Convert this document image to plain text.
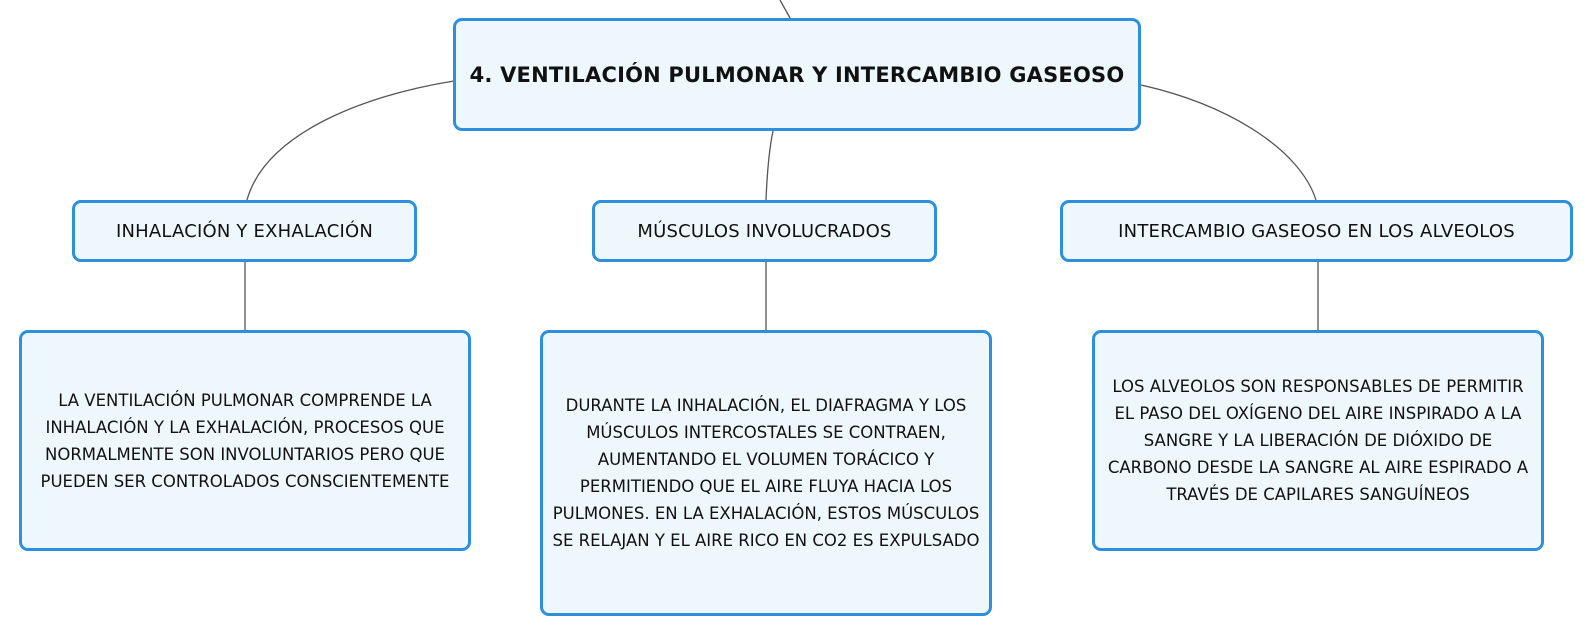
4. VENTILACIÓN PULMONAR Y INTERCAMBIO GASEOSO
INHALACIÓN Y EXHALACIÓN	MÚSCULOS INVOLUCRADOS	INTERCAMBIO GASEOSO EN LOS ALVEOLOS
LA VENTILACIÓN PULMONAR COMPRENDE LA INHALACIÓN Y LA EXHALACIÓN, PROCESOS QUE NORMALMENTE SON INVOLUNTARIOS PERO QUE PUEDEN SER CONTROLADOS CONSCIENTEMENTE
DURANTE LA INHALACIÓN, EL DIAFRAGMA Y LOS MÚSCULOS INTERCOSTALES SE CONTRAEN, AUMENTANDO EL VOLUMEN TORÁCICO Y PERMITIENDO QUE EL AIRE FLUYA HACIA LOS PULMONES. EN LA EXHALACIÓN, ESTOS MÚSCULOS SE RELAJAN Y EL AIRE RICO EN CO2 ES EXPULSADO
LOS ALVEOLOS SON RESPONSABLES DE PERMITIR EL PASO DEL OXÍGENO DEL AIRE INSPIRADO A LA SANGRE Y LA LIBERACIÓN DE DIÓXIDO DE CARBONO DESDE LA SANGRE AL AIRE ESPIRADO A TRAVÉS DE CAPILARES SANGUÍNEOS
